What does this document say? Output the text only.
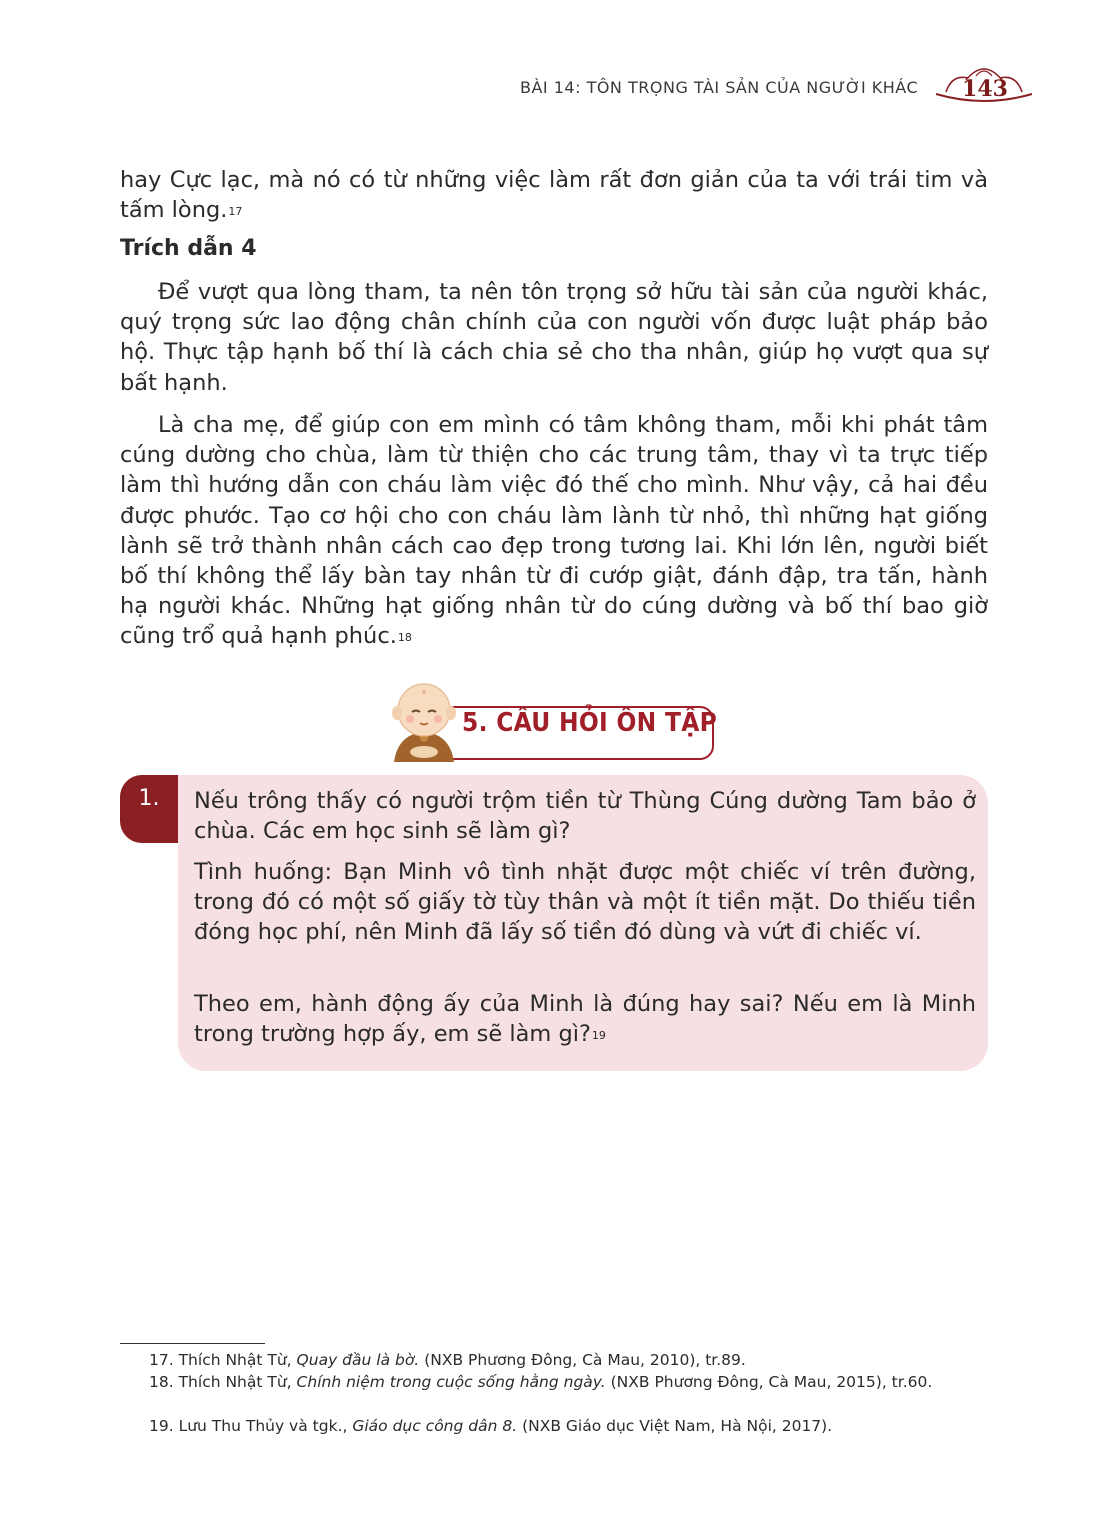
BÀI 14: TÔN TRỌNG TÀI SẢN CỦA NGƯỜI KHÁC 143

hay Cực lạc, mà nó có từ những việc làm rất đơn giản của ta với trái tim và tấm lòng.$^{17}$

Trích dẫn 4

Để vượt qua lòng tham, ta nên tôn trọng sở hữu tài sản của người khác, quý trọng sức lao động chân chính của con người vốn được luật pháp bảo hộ. Thực tập hạnh bố thí là cách chia sẻ cho tha nhân, giúp họ vượt qua sự bất hạnh.

Là cha mẹ, để giúp con em mình có tâm không tham, mỗi khi phát tâm cúng dường cho chùa, làm từ thiện cho các trung tâm, thay vì ta trực tiếp làm thì hướng dẫn con cháu làm việc đó thế cho mình. Như vậy, cả hai đều được phước. Tạo cơ hội cho con cháu làm lành từ nhỏ, thì những hạt giống lành sẽ trở thành nhân cách cao đẹp trong tương lai. Khi lớn lên, người biết bố thí không thể lấy bàn tay nhân từ đi cướp giật, đánh đập, tra tấn, hành hạ người khác. Những hạt giống nhân từ do cúng dường và bố thí bao giờ cũng trổ quả hạnh phúc.$^{18}$

5. CÂU HỎI ÔN TẬP
1.	Nếu trông thấy có người trộm tiền từ Thùng Cúng dường Tam bảo ở chùa. Các em học sinh sẽ làm gì?

Tình huống: Bạn Minh vô tình nhặt được một chiếc ví trên đường, trong đó có một số giấy tờ tùy thân và một ít tiền mặt. Do thiếu tiền đóng học phí, nên Minh đã lấy số tiền đó dùng và vứt đi chiếc ví.

Theo em, hành động ấy của Minh là đúng hay sai? Nếu em là Minh trong trường hợp ấy, em sẽ làm gì?$^{19}$

17. Thích Nhật Từ, Quay đầu là bờ. (NXB Phương Đông, Cà Mau, 2010), tr.89.

18. Thích Nhật Từ, Chính niệm trong cuộc sống hằng ngày. (NXB Phương Đông, Cà Mau, 2015), tr.60.

19. Lưu Thu Thủy và tgk., Giáo dục công dân 8. (NXB Giáo dục Việt Nam, Hà Nội, 2017).
